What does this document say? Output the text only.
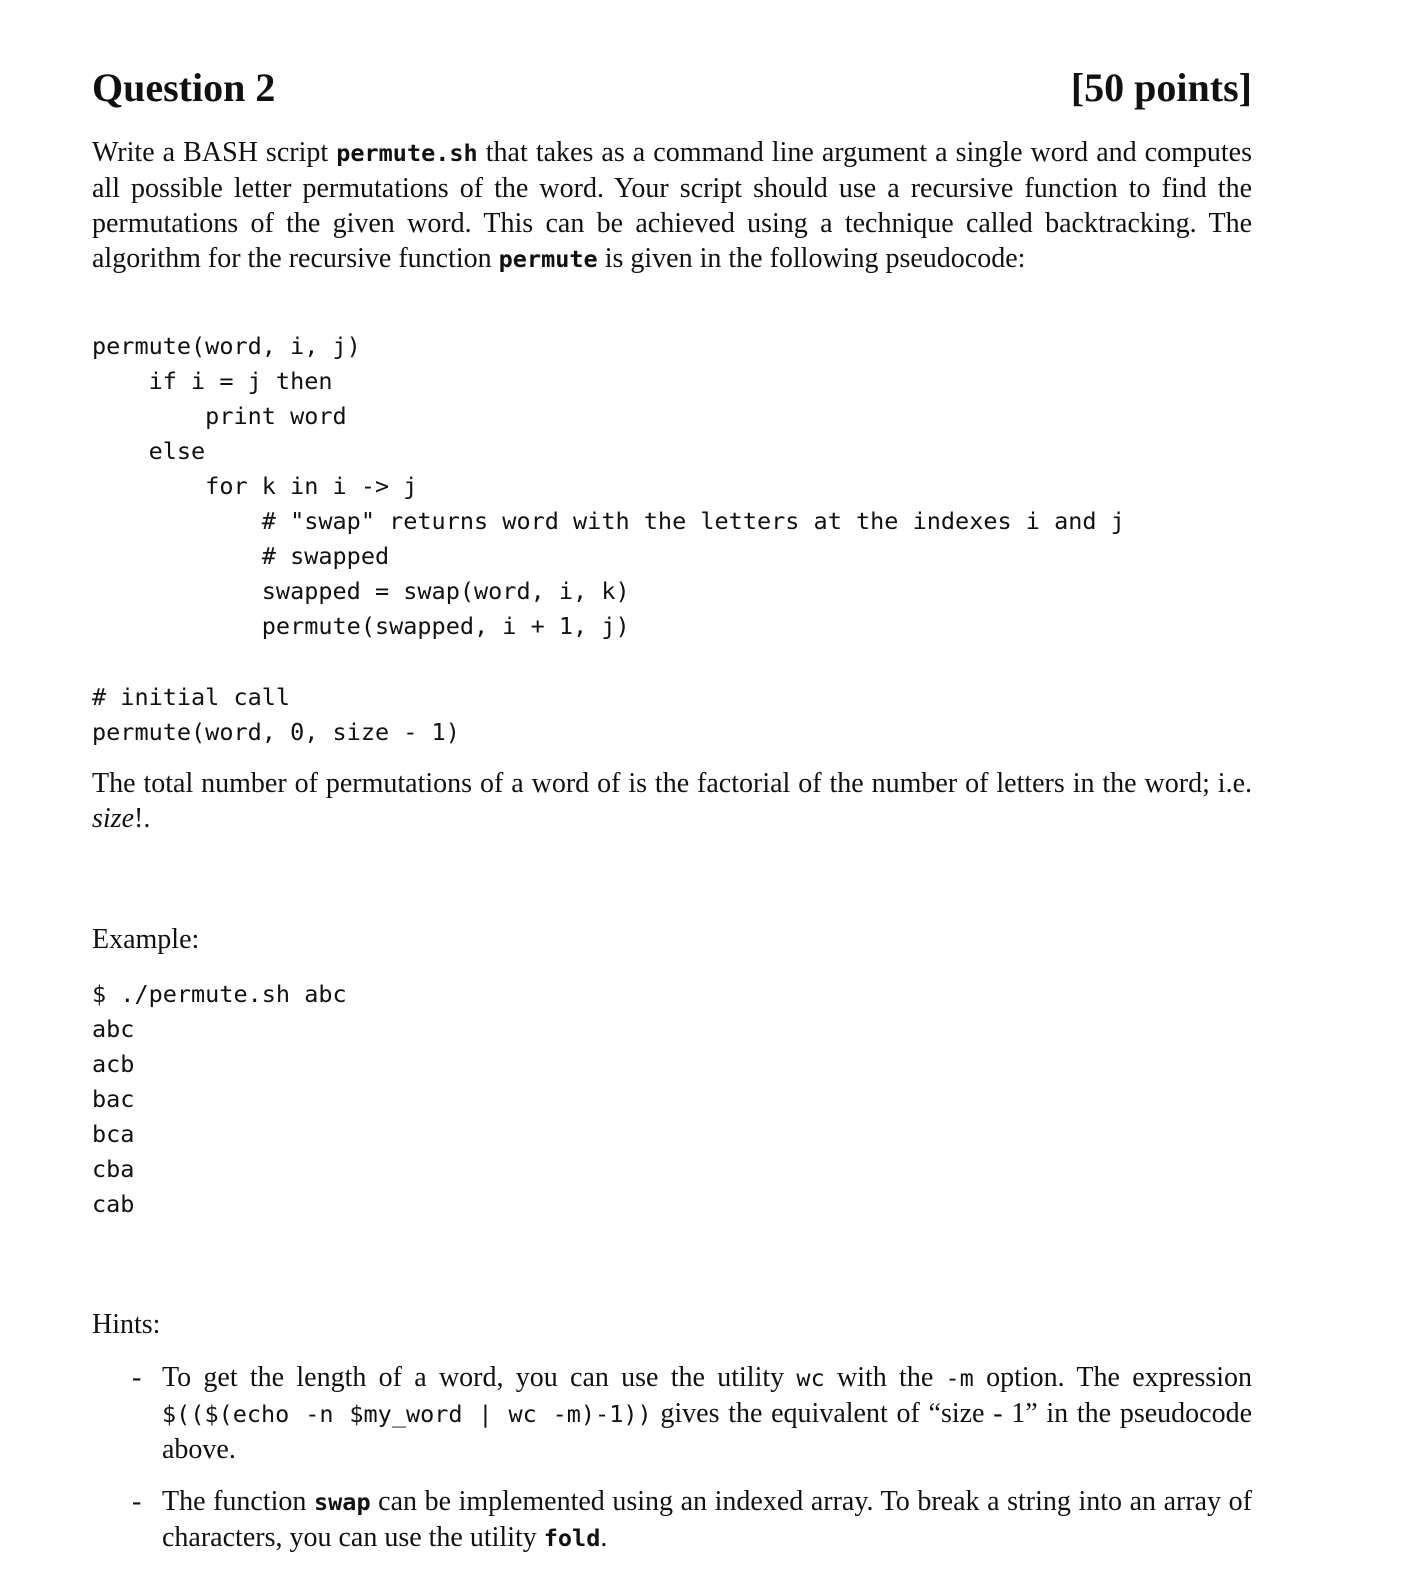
Question 2	[50 points]
Write a BASH script permute.sh that takes as a command line argument a single word and computes all possible letter permutations of the word. Your script should use a recursive function to find the permutations of the given word. This can be achieved using a technique called backtracking. The algorithm for the recursive function permute is given in the following pseudocode:
permute(word, i, j)
if i = j then
print word
else
for k in i -> j
# "swap" returns word with the letters at the indexes i and j
# swapped
swapped = swap(word, i, k)
permute(swapped, i + 1, j)
# initial call
permute(word, 0, size - 1)
The total number of permutations of a word of is the factorial of the number of letters in the word; i.e. size!.
Example:
$ ./permute.sh abc
abc
acb
bac
bca
cba
cab
Hints:
- To get the length of a word, you can use the utility wc with the -m option. The expression $(($(echo -n $my_word | wc -m)-1)) gives the equivalent of “size - 1” in the pseudocode above.
- The function swap can be implemented using an indexed array. To break a string into an array of characters, you can use the utility fold.
